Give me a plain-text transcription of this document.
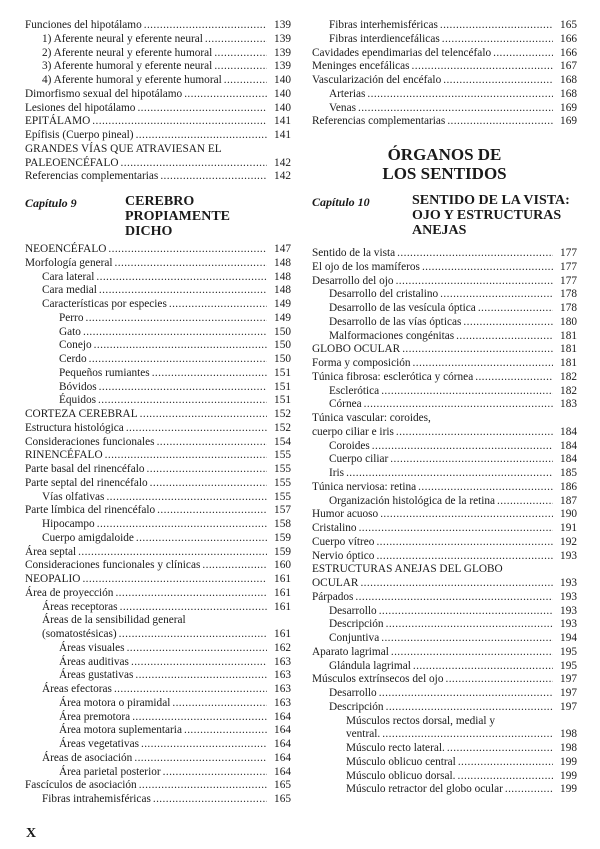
Funciones del hipotálamo .....	139
1) Aferente neural y eferente neural .....	139
2) Aferente neural y eferente humoral .....	139
3) Aferente humoral y eferente neural .....	139
4) Aferente humoral y eferente humoral .....	140
Dimorfismo sexual del hipotálamo .....	140
Lesiones del hipotálamo .....	140
EPITÁLAMO .....	141
Epífisis (Cuerpo pineal) .....	141
GRANDES VÍAS QUE ATRAVIESAN EL
PALEOENCÉFALO .....	142
Referencias complementarias .....	142
Capítulo 9	CEREBRO PROPIAMENTE
DICHO
NEOENCÉFALO .....	147
Morfología general .....	148
Cara lateral .....	148
Cara medial .....	148
Características por especies .....	149
Perro .....	149
Gato .....	150
Conejo .....	150
Cerdo .....	150
Pequeños rumiantes .....	151
Bóvidos .....	151
Équidos .....	151
CORTEZA CEREBRAL .....	152
Estructura histológica .....	152
Consideraciones funcionales .....	154
RINENCÉFALO .....	155
Parte basal del rinencéfalo .....	155
Parte septal del rinencéfalo .....	155
Vías olfativas .....	155
Parte límbica del rinencéfalo .....	157
Hipocampo .....	158
Cuerpo amigdaloide .....	159
Área septal .....	159
Consideraciones funcionales y clínicas .....	160
NEOPALIO .....	161
Área de proyección .....	161
Áreas receptoras .....	161
Áreas de la sensibilidad general
(somatostésicas) .....	161
Áreas visuales .....	162
Áreas auditivas .....	163
Áreas gustativas .....	163
Áreas efectoras .....	163
Área motora o piramidal .....	163
Área premotora .....	164
Área motora suplementaria .....	164
Áreas vegetativas .....	164
Áreas de asociación .....	164
Área parietal posterior .....	164
Fascículos de asociación .....	165
Fibras intrahemisféricas .....	165
Fibras interhemisféricas .....	165
Fibras interdiencefálicas .....	166
Cavidades ependimarias del telencéfalo .....	166
Meninges encefálicas .....	167
Vascularización del encéfalo .....	168
Arterias .....	168
Venas .....	169
Referencias complementarias .....	169
ÓRGANOS DE
LOS SENTIDOS
Capítulo 10	SENTIDO DE LA VISTA:
OJO Y ESTRUCTURAS
ANEJAS
Sentido de la vista .....	177
El ojo de los mamíferos .....	177
Desarrollo del ojo .....	177
Desarrollo del cristalino .....	178
Desarrollo de las vesícula óptica .....	178
Desarrollo de las vías ópticas .....	180
Malformaciones congénitas .....	181
GLOBO OCULAR .....	181
Forma y composición .....	181
Túnica fibrosa: esclerótica y córnea .....	182
Esclerótica .....	182
Córnea .....	183
Túnica vascular: coroides,
cuerpo ciliar e iris .....	184
Coroides .....	184
Cuerpo ciliar .....	184
Iris .....	185
Túnica nerviosa: retina .....	186
Organización histológica de la retina .....	187
Humor acuoso .....	190
Cristalino .....	191
Cuerpo vítreo .....	192
Nervio óptico .....	193
ESTRUCTURAS ANEJAS DEL GLOBO
OCULAR .....	193
Párpados .....	193
Desarrollo .....	193
Descripción .....	193
Conjuntiva .....	194
Aparato lagrimal .....	195
Glándula lagrimal .....	195
Músculos extrínsecos del ojo .....	197
Desarrollo .....	197
Descripción .....	197
Músculos rectos dorsal, medial y
ventral. .....	198
Músculo recto lateral. .....	198
Músculo oblicuo central .....	199
Músculo oblicuo dorsal. .....	199
Músculo retractor del globo ocular .....	199
X
